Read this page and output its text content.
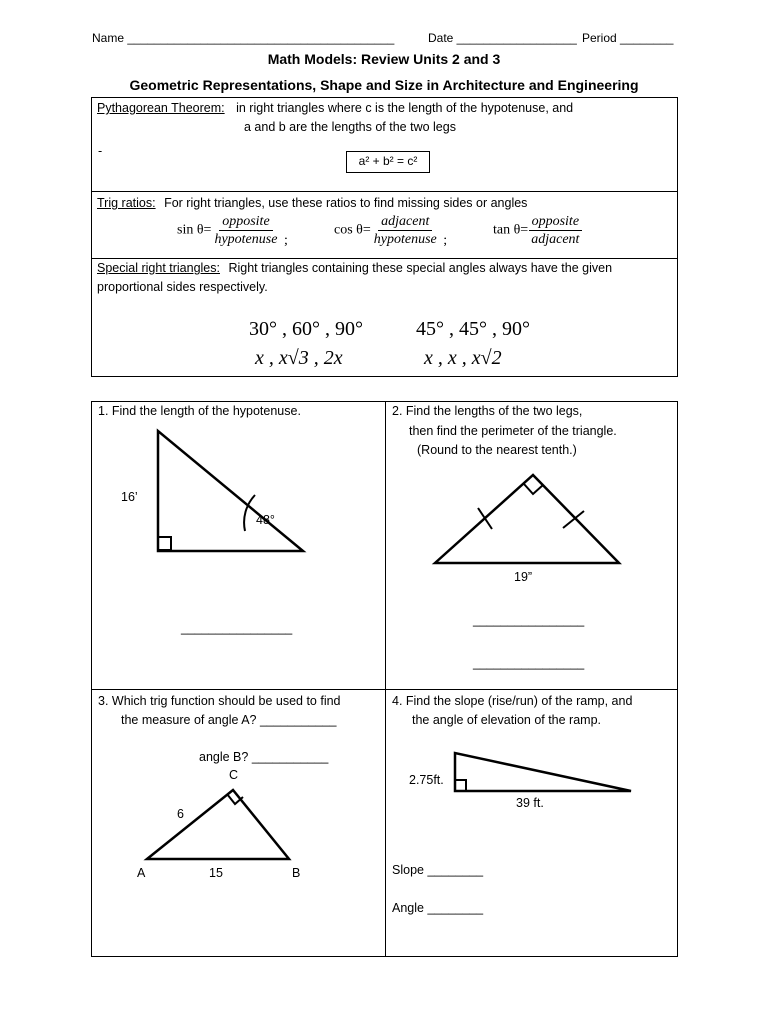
Name ________________________________________	Date __________________ Period ________
Math Models: Review Units 2 and 3
Geometric Representations, Shape and Size in Architecture and Engineering
Pythagorean Theorem: in right triangles where c is the length of the hypotenuse, and
a and b are the lengths of the two legs
-
a² + b² = c²
Trig ratios: For right triangles, use these ratios to find missing sides or angles
$\sin \theta= \frac{\text{opposite}}{\text{hypotenuse}}$ ;
$\cos \theta= \frac{\text{adjacent}}{\text{hypotenuse}}$ ;
$\tan \theta= \frac{\text{opposite}}{\text{adjacent}}$
Special right triangles: Right triangles containing these special angles always have the given
proportional sides respectively.
30° , 60° , 90°
x , x√3 , 2x
45° , 45° , 90°
x , x , x√2
1. Find the length of the hypotenuse.
16’
48°
________________
2. Find the lengths of the two legs,
then find the perimeter of the triangle.
(Round to the nearest tenth.)
19”
________________
________________
3. Which trig function should be used to find
the measure of angle A? ___________
angle B? ___________
C
6
A	15	B
4. Find the slope (rise/run) of the ramp, and
the angle of elevation of the ramp.
2.75ft.
39 ft.
Slope ________
Angle ________
